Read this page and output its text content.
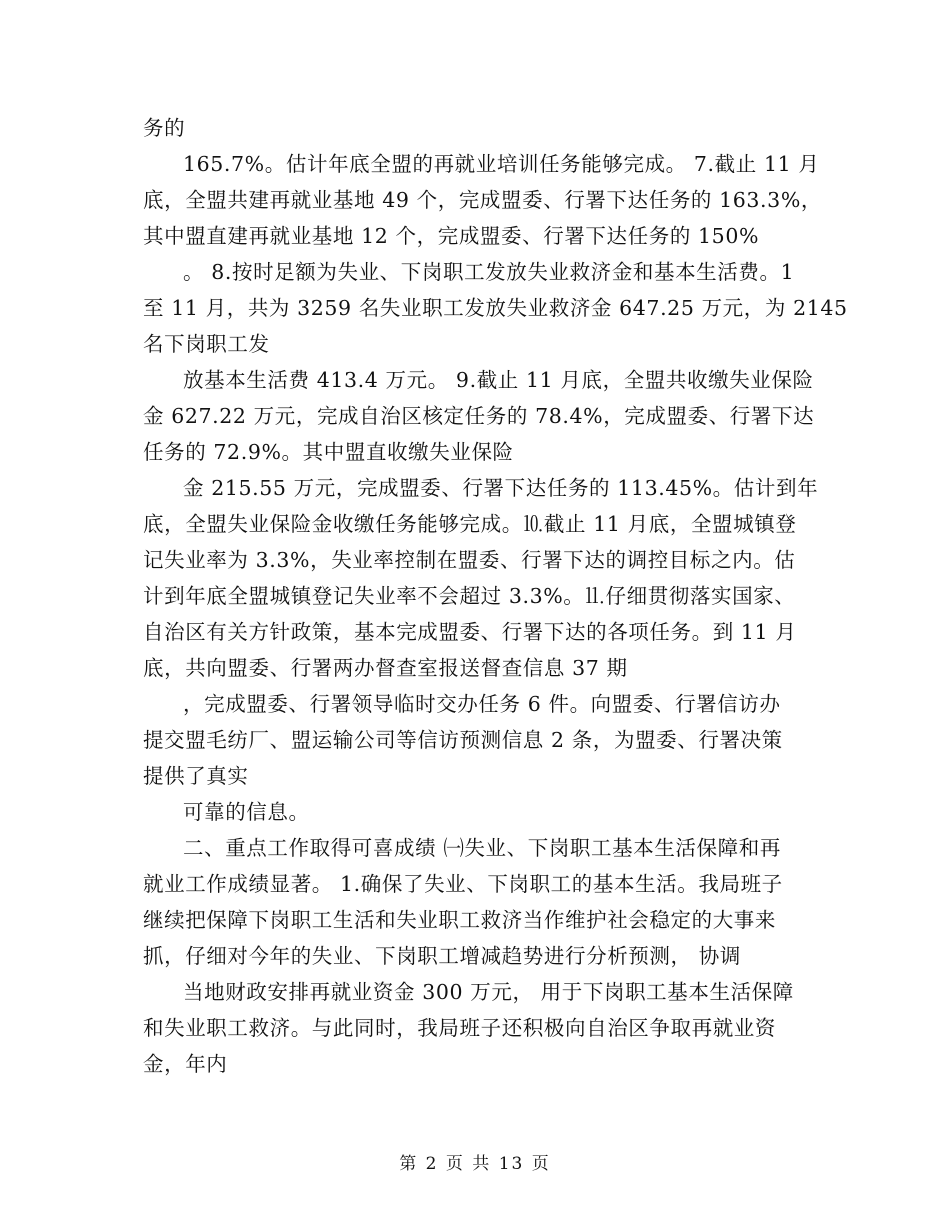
务的
165.7%。估计年底全盟的再就业培训任务能够完成。 7.截止 11 月
底，全盟共建再就业基地 49 个，完成盟委、行署下达任务的 163.3%，
其中盟直建再就业基地 12 个，完成盟委、行署下达任务的 150%
。 8.按时足额为失业、下岗职工发放失业救济金和基本生活费。1
至 11 月，共为 3259 名失业职工发放失业救济金 647.25 万元，为 2145
名下岗职工发
放基本生活费 413.4 万元。 9.截止 11 月底，全盟共收缴失业保险
金 627.22 万元，完成自治区核定任务的 78.4%，完成盟委、行署下达
任务的 72.9%。其中盟直收缴失业保险
金 215.55 万元，完成盟委、行署下达任务的 113.45%。估计到年
底，全盟失业保险金收缴任务能够完成。⒑截止 11 月底，全盟城镇登
记失业率为 3.3%，失业率控制在盟委、行署下达的调控目标之内。估
计到年底全盟城镇登记失业率不会超过 3.3%。⒒仔细贯彻落实国家、
自治区有关方针政策，基本完成盟委、行署下达的各项任务。到 11 月
底，共向盟委、行署两办督查室报送督查信息 37 期
，完成盟委、行署领导临时交办任务 6 件。向盟委、行署信访办
提交盟毛纺厂、盟运输公司等信访预测信息 2 条，为盟委、行署决策
提供了真实
可靠的信息。
二、重点工作取得可喜成绩 ㈠失业、下岗职工基本生活保障和再
就业工作成绩显著。 1.确保了失业、下岗职工的基本生活。我局班子
继续把保障下岗职工生活和失业职工救济当作维护社会稳定的大事来
抓，仔细对今年的失业、下岗职工增减趋势进行分析预测， 协调
当地财政安排再就业资金 300 万元， 用于下岗职工基本生活保障
和失业职工救济。与此同时，我局班子还积极向自治区争取再就业资
金，年内
第 2 页 共 13 页
